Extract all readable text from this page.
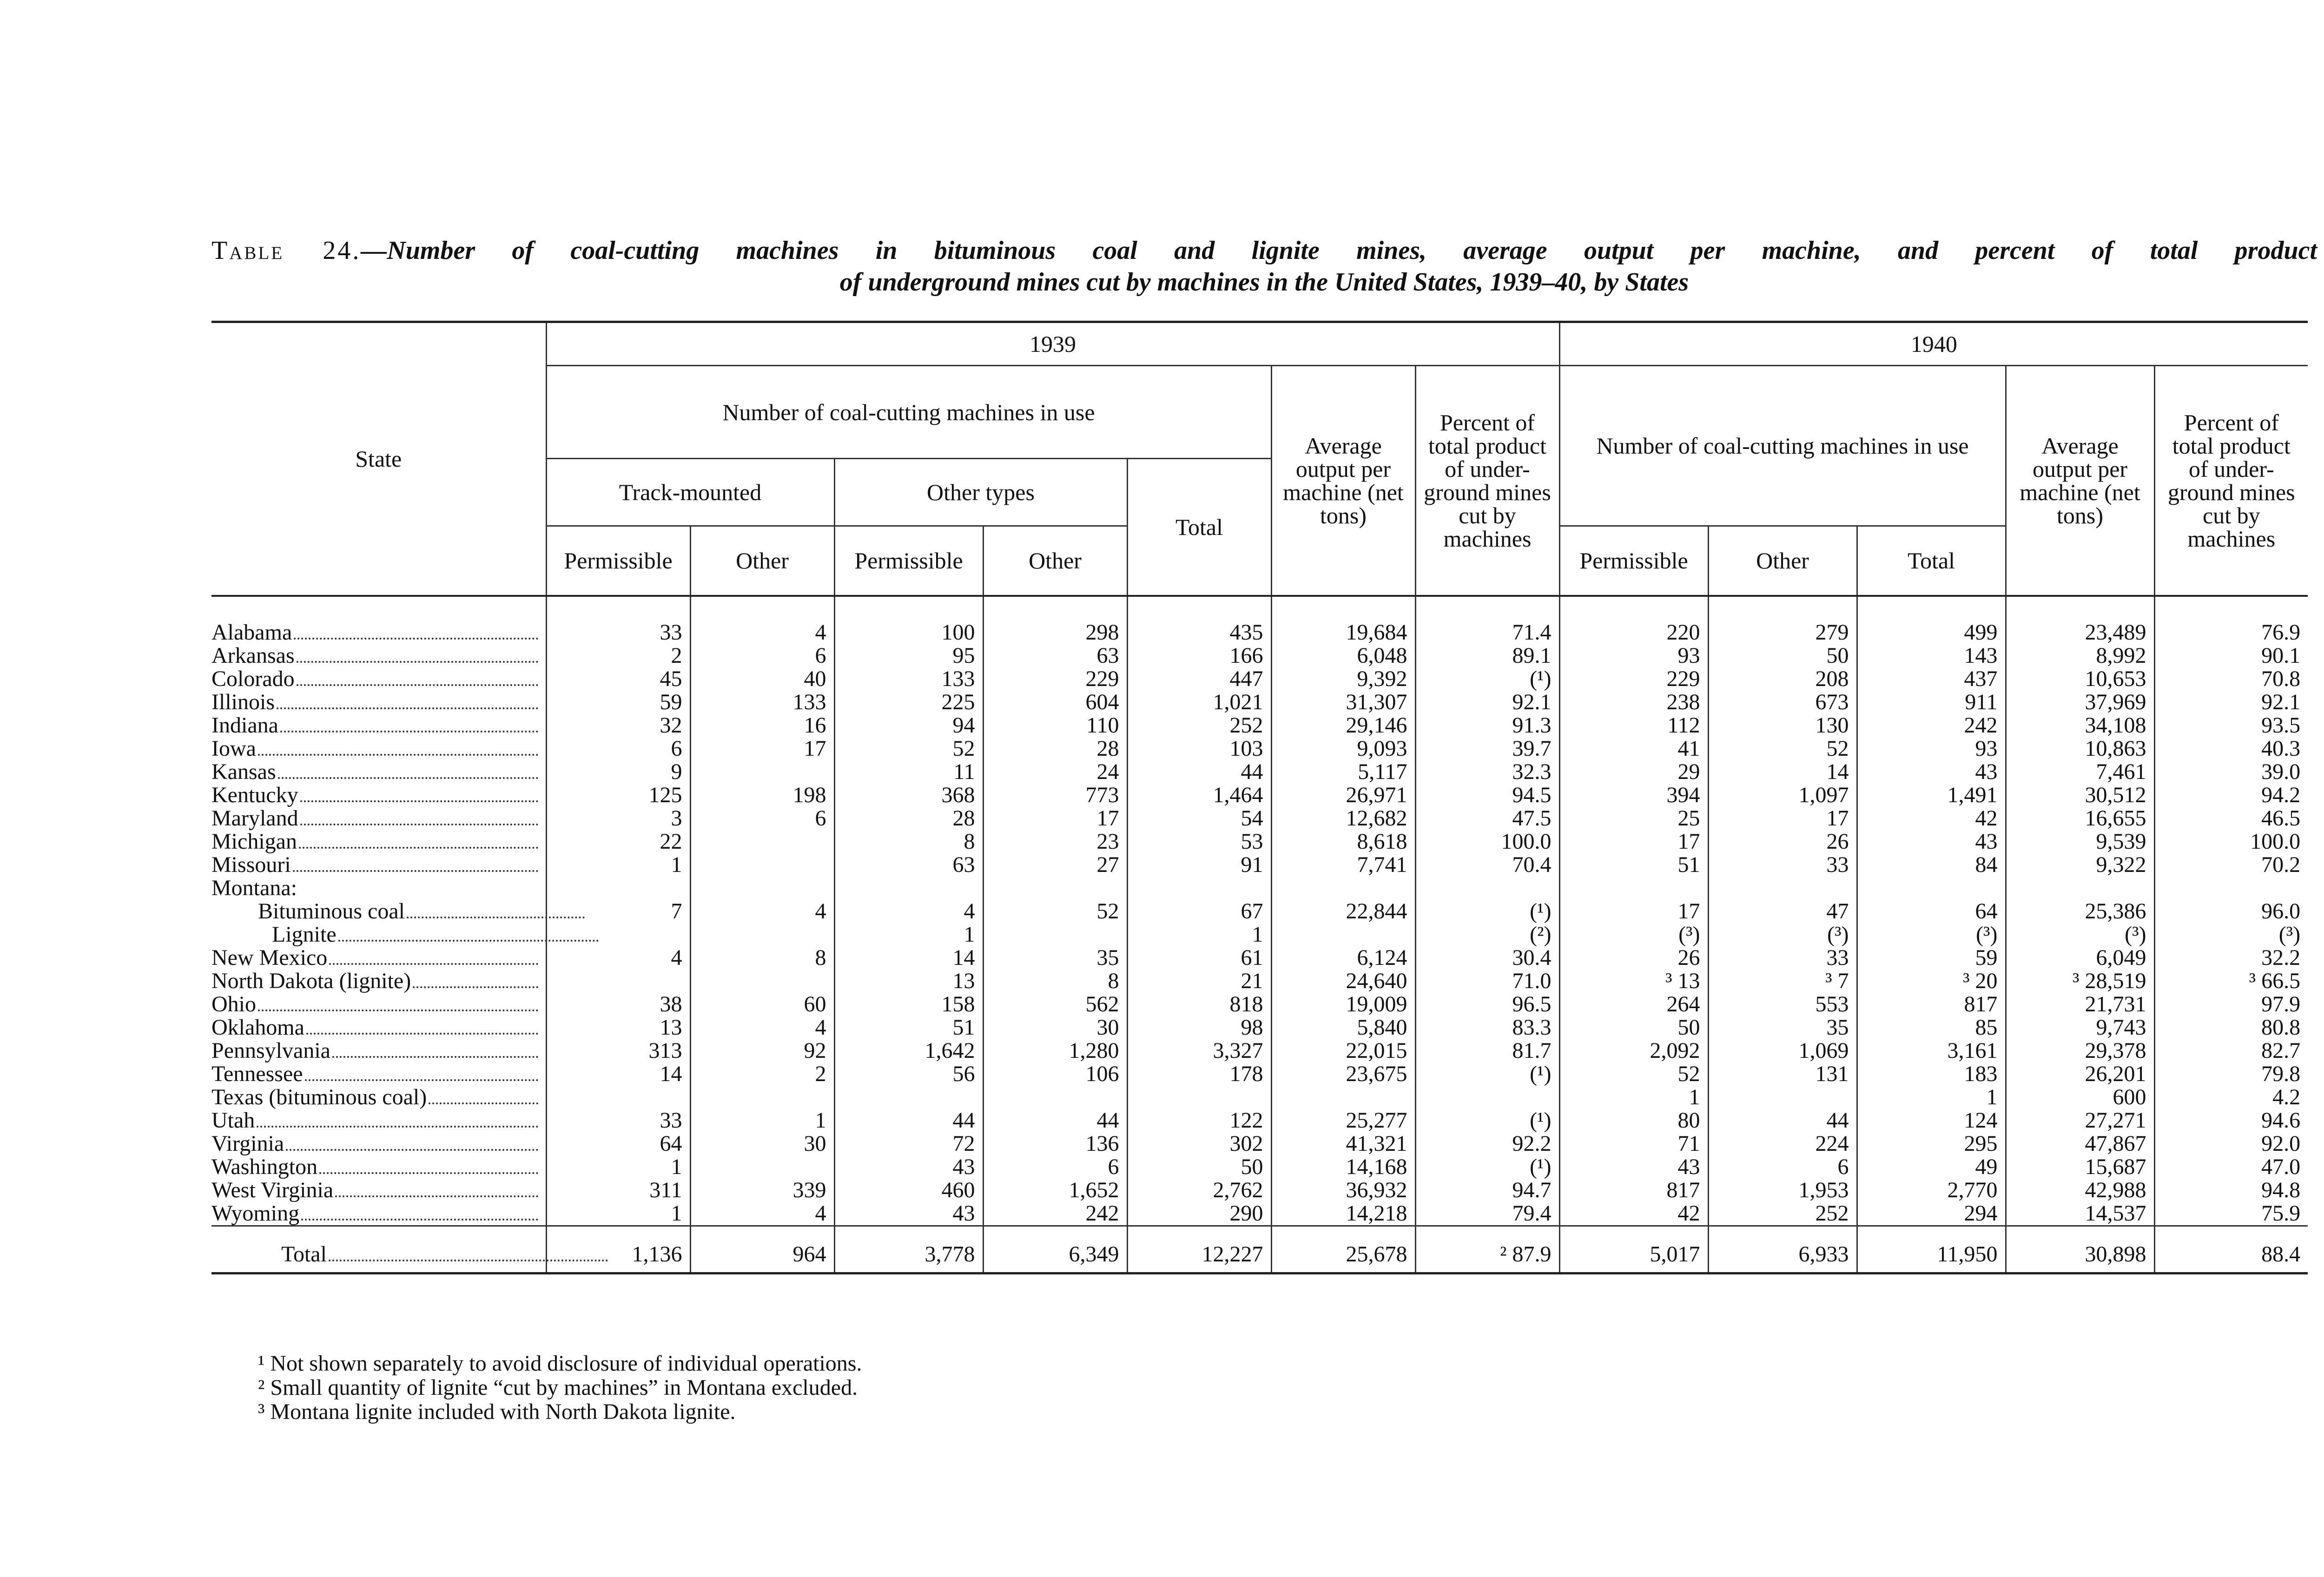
Table 24.—Number of coal-cutting machines in bituminous coal and lignite mines, average output per machine, and percent of total product
of underground mines cut by machines in the United States, 1939–40, by States
State	1939							1940				
	Number of coal-cutting machines in use					Average output per machine (net tons)	Percent of total product of under-ground mines cut by machines	Number of coal-cutting machines in use			Average output per machine (net tons)	Percent of total product of under-ground mines cut by machines
	Track-mounted		Other types		Total							
	Permissible	Other	Permissible	Other				Permissible	Other	Total		

Alabama	33	4	100	298	435	19,684	71.4	220	279	499	23,489	76.9

Arkansas	2	6	95	63	166	6,048	89.1	93	50	143	8,992	90.1

Colorado	45	40	133	229	447	9,392	(¹)	229	208	437	10,653	70.8

Illinois	59	133	225	604	1,021	31,307	92.1	238	673	911	37,969	92.1

Indiana	32	16	94	110	252	29,146	91.3	112	130	242	34,108	93.5

Iowa	6	17	52	28	103	9,093	39.7	41	52	93	10,863	40.3

Kansas	9		11	24	44	5,117	32.3	29	14	43	7,461	39.0

Kentucky	125	198	368	773	1,464	26,971	94.5	394	1,097	1,491	30,512	94.2

Maryland	3	6	28	17	54	12,682	47.5	25	17	42	16,655	46.5

Michigan	22		8	23	53	8,618	100.0	17	26	43	9,539	100.0

Missouri	1		63	27	91	7,741	70.4	51	33	84	9,322	70.2

Montana:												

Bituminous coal	7	4	4	52	67	22,844	(¹)	17	47	64	25,386	96.0

Lignite			1		1		(²)	(³)	(³)	(³)	(³)	(³)

New Mexico	4	8	14	35	61	6,124	30.4	26	33	59	6,049	32.2

North Dakota (lignite)			13	8	21	24,640	71.0	³ 13	³ 7	³ 20	³ 28,519	³ 66.5

Ohio	38	60	158	562	818	19,009	96.5	264	553	817	21,731	97.9

Oklahoma	13	4	51	30	98	5,840	83.3	50	35	85	9,743	80.8

Pennsylvania	313	92	1,642	1,280	3,327	22,015	81.7	2,092	1,069	3,161	29,378	82.7

Tennessee	14	2	56	106	178	23,675	(¹)	52	131	183	26,201	79.8

Texas (bituminous coal)								1		1	600	4.2

Utah	33	1	44	44	122	25,277	(¹)	80	44	124	27,271	94.6

Virginia	64	30	72	136	302	41,321	92.2	71	224	295	47,867	92.0

Washington	1		43	6	50	14,168	(¹)	43	6	49	15,687	47.0

West Virginia	311	339	460	1,652	2,762	36,932	94.7	817	1,953	2,770	42,988	94.8

Wyoming	1	4	43	242	290	14,218	79.4	42	252	294	14,537	75.9

Total	1,136	964	3,778	6,349	12,227	25,678	² 87.9	5,017	6,933	11,950	30,898	88.4
¹ Not shown separately to avoid disclosure of individual operations.
² Small quantity of lignite “cut by machines” in Montana excluded.
³ Montana lignite included with North Dakota lignite.
